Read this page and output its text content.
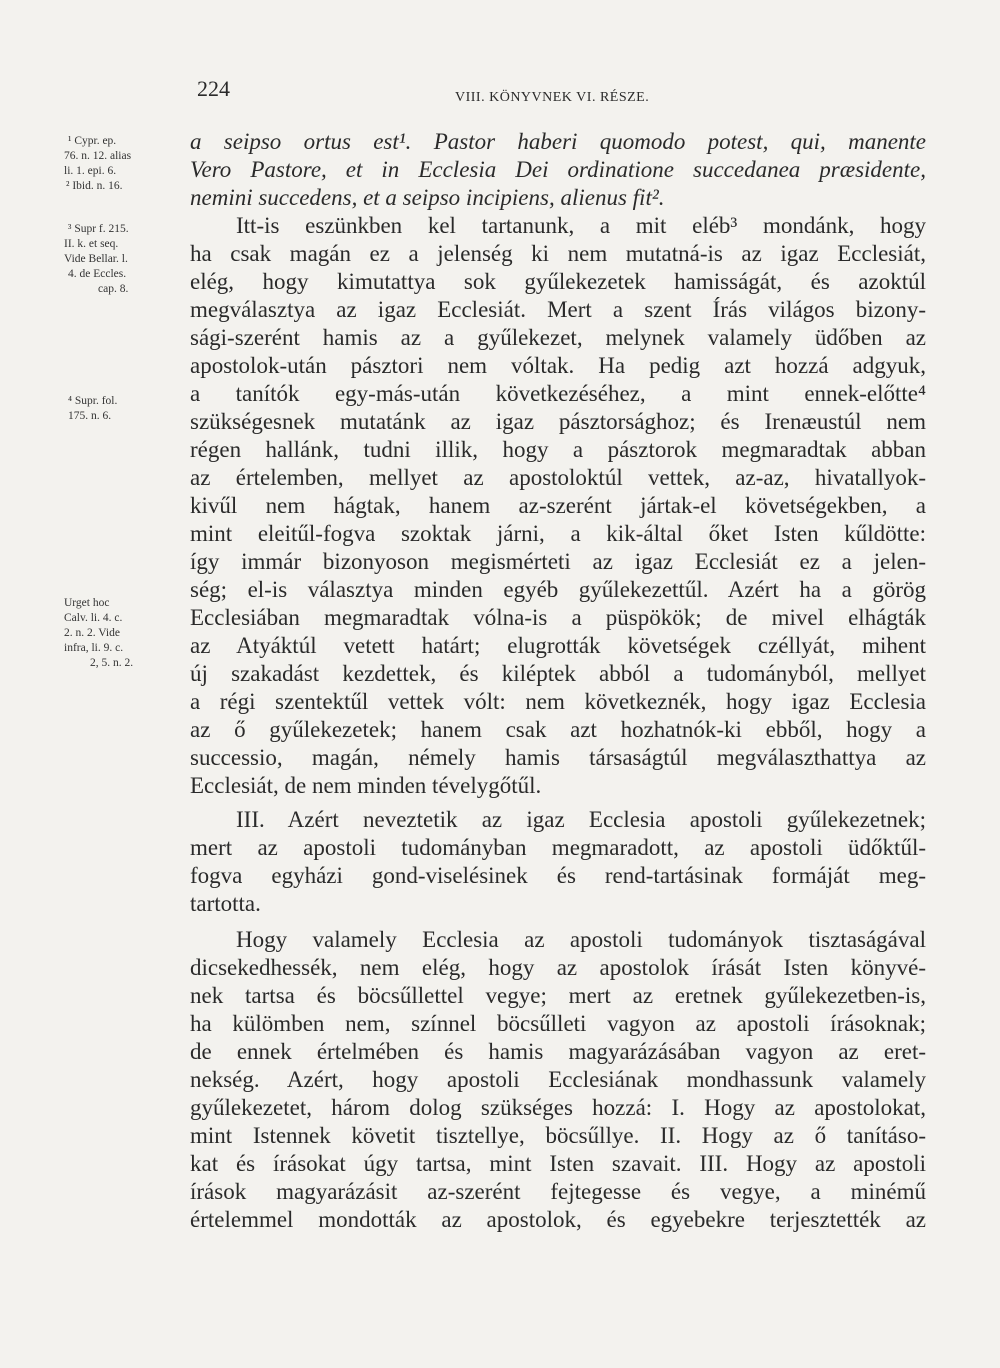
224	VIII. KÖNYVNEK VI. RÉSZE.
¹ Cypr. ep.
76. n. 12. alias
li. 1. epi. 6.
² Ibid. n. 16.
³ Supr f. 215.
II. k. et seq.
Vide Bellar. l.
4. de Eccles.
cap. 8.
⁴ Supr. fol.
175. n. 6.
Urget hoc
Calv. li. 4. c.
2. n. 2. Vide
infra, li. 9. c.
2, 5. n. 2.
a seipso ortus est¹. Pastor haberi quomodo potest, qui, manente
Vero Pastore, et in Ecclesia Dei ordinatione succedanea præsidente,
nemini succedens, et a seipso incipiens, alienus fit².
Itt-is eszünkben kel tartanunk, a mit eléb³ mondánk, hogy
ha csak magán ez a jelenség ki nem mutatná-is az igaz Ecclesiát,
elég, hogy kimutattya sok gyűlekezetek hamisságát, és azoktúl
megválasztya az igaz Ecclesiát. Mert a szent Írás világos bizony-
sági-szerént hamis az a gyűlekezet, melynek valamely üdőben az
apostolok-után pásztori nem vóltak. Ha pedig azt hozzá adgyuk,
a tanítók egy-más-után következéséhez, a mint ennek-előtte⁴
szükségesnek mutatánk az igaz pásztorsághoz; és Irenæustúl nem
régen hallánk, tudni illik, hogy a pásztorok megmaradtak abban
az értelemben, mellyet az apostoloktúl vettek, az-az, hivatallyok-
kivűl nem hágtak, hanem az-szerént jártak-el követségekben, a
mint eleitűl-fogva szoktak járni, a kik-által őket Isten kűldötte:
így immár bizonyoson megismérteti az igaz Ecclesiát ez a jelen-
ség; el-is választya minden egyéb gyűlekezettűl. Azért ha a görög
Ecclesiában megmaradtak vólna-is a püspökök; de mivel elhágták
az Atyáktúl vetett határt; elugrották követségek czéllyát, mihent
új szakadást kezdettek, és kiléptek abból a tudományból, mellyet
a régi szentektűl vettek vólt: nem következnék, hogy igaz Ecclesia
az ő gyűlekezetek; hanem csak azt hozhatnók-ki ebből, hogy a
successio, magán, némely hamis társaságtúl megválaszthattya az
Ecclesiát, de nem minden tévelygőtűl.
III. Azért neveztetik az igaz Ecclesia apostoli gyűlekezetnek;
mert az apostoli tudományban megmaradott, az apostoli üdőktűl-
fogva egyházi gond-viselésinek és rend-tartásinak formáját meg-
tartotta.
Hogy valamely Ecclesia az apostoli tudományok tisztaságával
dicsekedhessék, nem elég, hogy az apostolok írását Isten könyvé-
nek tartsa és böcsűllettel vegye; mert az eretnek gyűlekezetben-is,
ha külömben nem, színnel böcsűlleti vagyon az apostoli írásoknak;
de ennek értelmében és hamis magyarázásában vagyon az eret-
nekség. Azért, hogy apostoli Ecclesiának mondhassunk valamely
gyűlekezetet, három dolog szükséges hozzá: I. Hogy az apostolokat,
mint Istennek követit tisztellye, böcsűllye. II. Hogy az ő tanításo-
kat és írásokat úgy tartsa, mint Isten szavait. III. Hogy az apostoli
írások magyarázásit az-szerént fejtegesse és vegye, a minémű
értelemmel mondották az apostolok, és egyebekre terjesztették az
